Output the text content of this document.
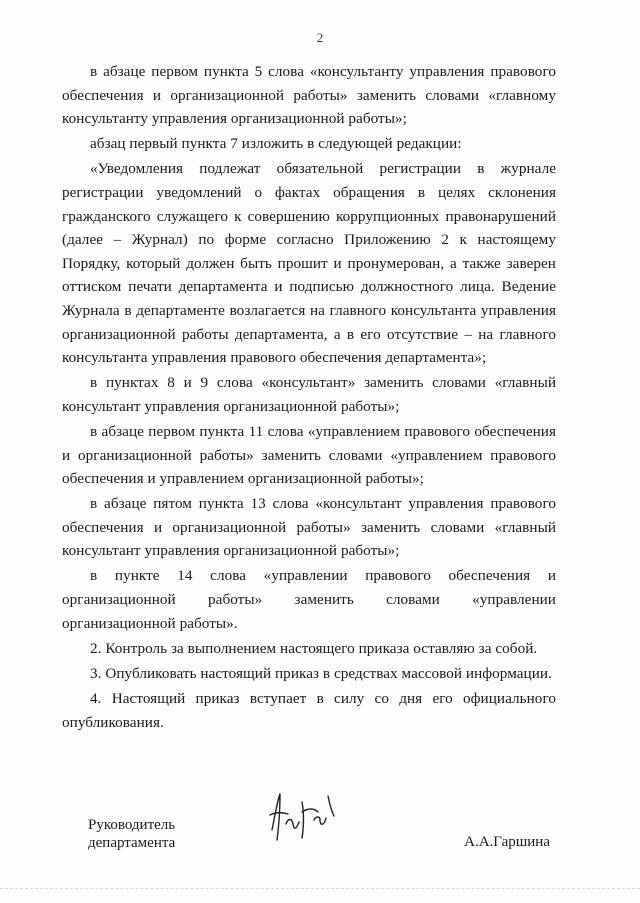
2

в абзаце первом пункта 5 слова «консультанту управления правового обеспечения и организационной работы» заменить словами «главному консультанту управления организационной работы»;

абзац первый пункта 7 изложить в следующей редакции:

«Уведомления подлежат обязательной регистрации в журнале регистрации уведомлений о фактах обращения в целях склонения гражданского служащего к совершению коррупционных правонарушений (далее – Журнал) по форме согласно Приложению 2 к настоящему Порядку, который должен быть прошит и пронумерован, а также заверен оттиском печати департамента и подписью должностного лица. Ведение Журнала в департаменте возлагается на главного консультанта управления организационной работы департамента, а в его отсутствие – на главного консультанта управления правового обеспечения департамента»;

в пунктах 8 и 9 слова «консультант» заменить словами «главный консультант управления организационной работы»;

в абзаце первом пункта 11 слова «управлением правового обеспечения и организационной работы» заменить словами «управлением правового обеспечения и управлением организационной работы»;

в абзаце пятом пункта 13 слова «консультант управления правового обеспечения и организационной работы» заменить словами «главный консультант управления организационной работы»;

в пункте 14 слова «управлении правового обеспечения и организационной работы» заменить словами «управлении организационной работы».

2. Контроль за выполнением настоящего приказа оставляю за собой.

3. Опубликовать настоящий приказ в средствах массовой информации.

4. Настоящий приказ вступает в силу со дня его официального опубликования.

Руководитель
департамента	А.А.Гаршина
